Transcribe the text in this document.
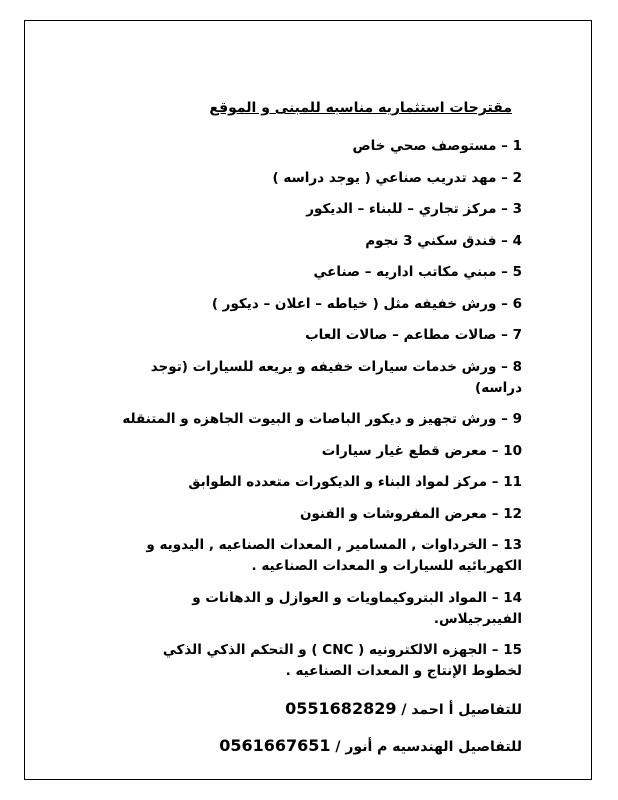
مقترحات استثماريه مناسبه للمبنى و الموقع
1 – مستوصف صحي خاص
2 – مهد تدريب صناعي ( يوجد دراسه )
3 – مركز تجاري – للبناء – الديكور
4 – فندق سكني 3 نجوم
5 – مبني مكاتب اداريه – صناعي
6 – ورش خفيفه مثل ( خياطه – اعلان – ديكور )
7 – صالات مطاعم – صالات العاب
8 – ورش خدمات سيارات خفيفه و يريعه للسيارات (توجد دراسه)
9 – ورش تجهيز و ديكور الباصات و البيوت الجاهزه و المتنقله
10 – معرض قطع غيار سيارات
11 – مركز لمواد البناء و الديكورات متعدده الطوابق
12 – معرض المفروشات و الفنون
13 – الخرداوات , المسامير , المعدات الصناعيه , اليدويه و الكهربائيه للسيارات و المعدات الصناعيه .
14 – المواد البتروكيماويات و العوازل و الدهانات و الفيبرجيلاس.
15 – الجهزه الالكترونيه ( CNC ) و التحكم الذكي الذكي لخطوط الإنتاج و المعدات الصناعيه .
للتفاصيل أ احمد / 0551682829
للتفاصيل الهندسيه م أنور / 0561667651
